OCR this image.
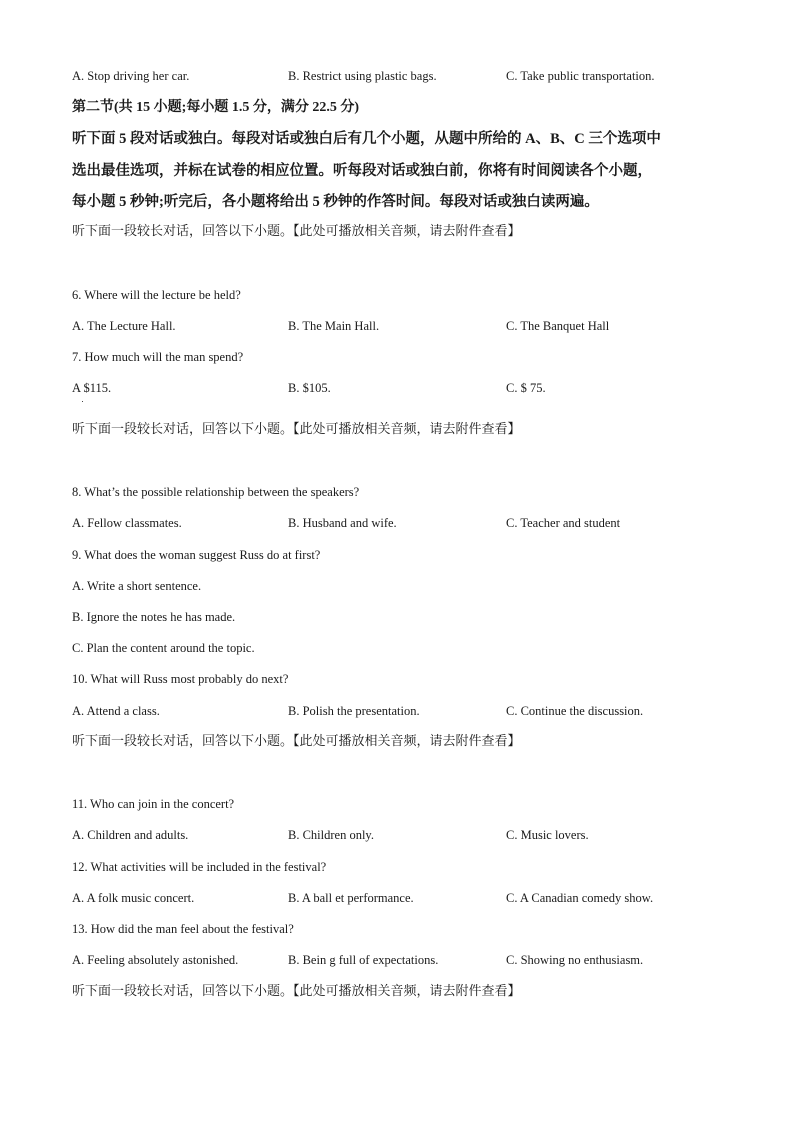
A. Stop driving her car.	B. Restrict using plastic bags.	C. Take public transportation.
第二节(共 15 小题;每小题 1.5 分，满分 22.5 分)
听下面 5 段对话或独白。每段对话或独白后有几个小题，从题中所给的 A、B、C 三个选项中
选出最佳选项，并标在试卷的相应位置。听每段对话或独白前，你将有时间阅读各个小题，
每小题 5 秒钟;听完后，各小题将给出 5 秒钟的作答时间。每段对话或独白读两遍。
听下面一段较长对话，回答以下小题。【此处可播放相关音频，请去附件查看】
6. Where will the lecture be held?
A. The Lecture Hall.	B. The Main Hall.	C. The Banquet Hall
7. How much will the man spend?
A $115.	B. $105.	C. $ 75.
听下面一段较长对话，回答以下小题。【此处可播放相关音频，请去附件查看】
8. What’s the possible relationship between the speakers?
A. Fellow classmates.	B. Husband and wife.	C. Teacher and student
9. What does the woman suggest Russ do at first?
A. Write a short sentence.
B. Ignore the notes he has made.
C. Plan the content around the topic.
10. What will Russ most probably do next?
A. Attend a class.	B. Polish the presentation.	C. Continue the discussion.
听下面一段较长对话，回答以下小题。【此处可播放相关音频，请去附件查看】
11. Who can join in the concert?
A. Children and adults.	B. Children only.	C. Music lovers.
12. What activities will be included in the festival?
A. A folk music concert.	B. A ball et performance.	C. A Canadian comedy show.
13. How did the man feel about the festival?
A. Feeling absolutely astonished.	B. Bein g full of expectations.	C. Showing no enthusiasm.
听下面一段较长对话，回答以下小题。【此处可播放相关音频，请去附件查看】
